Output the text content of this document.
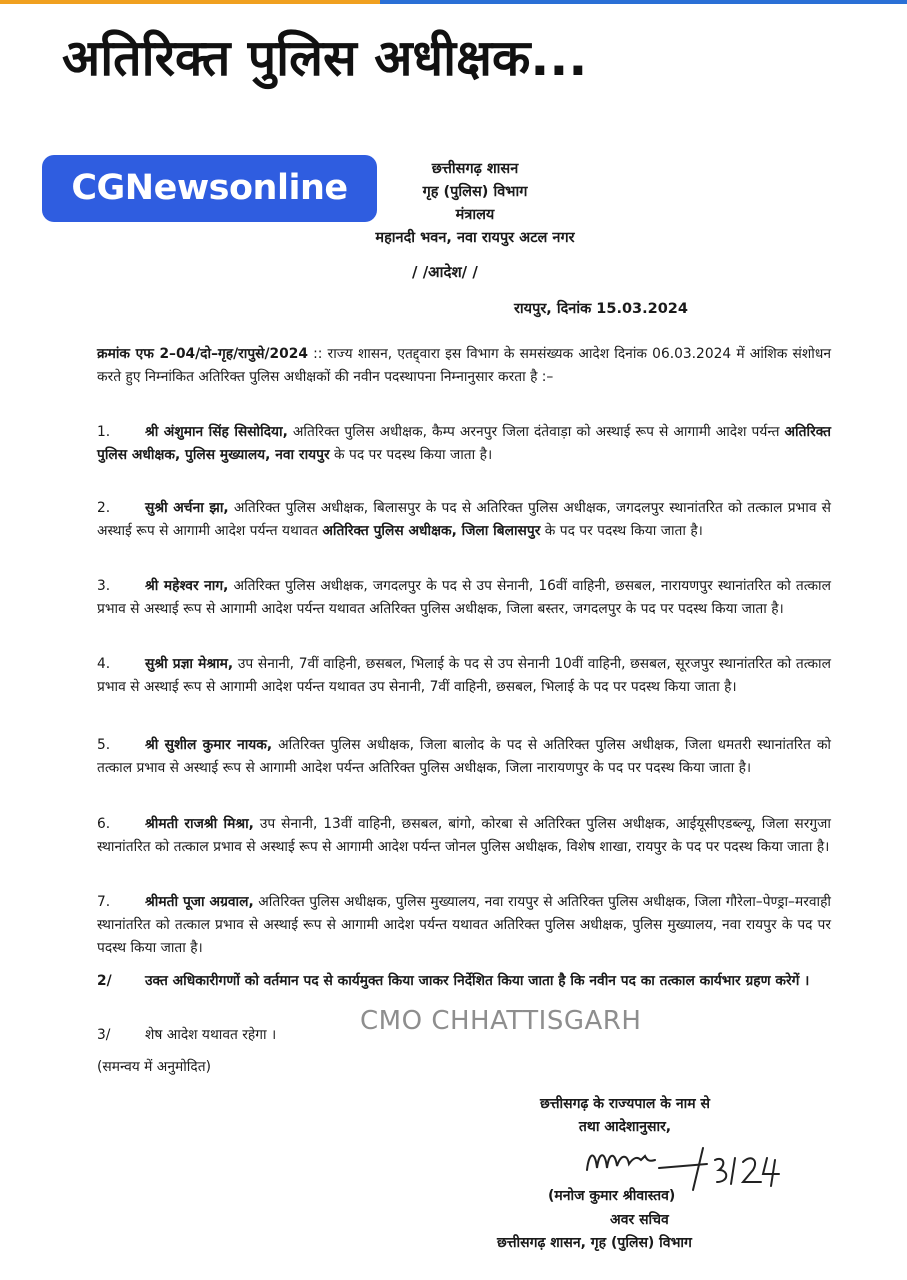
अतिरिक्त पुलिस अधीक्षक...
CGNewsonline	छत्तीसगढ़ शासन
गृह (पुलिस) विभाग
मंत्रालय
महानदी भवन, नवा रायपुर अटल नगर
/ /आदेश/ /
रायपुर, दिनांक 15.03.2024
क्रमांक एफ 2–04/दो–गृह/रापुसे/2024 :: राज्य शासन, एतद्द्वारा इस विभाग के समसंख्यक आदेश दिनांक 06.03.2024 में आंशिक संशोधन करते हुए निम्नांकित अतिरिक्त पुलिस अधीक्षकों की नवीन पदस्थापना निम्नानुसार करता है :–
1.	श्री अंशुमान सिंह सिसोदिया, अतिरिक्त पुलिस अधीक्षक, कैम्प अरनपुर जिला दंतेवाड़ा को अस्थाई रूप से आगामी आदेश पर्यन्त अतिरिक्त पुलिस अधीक्षक, पुलिस मुख्यालय, नवा रायपुर के पद पर पदस्थ किया जाता है।
2.	सुश्री अर्चना झा, अतिरिक्त पुलिस अधीक्षक, बिलासपुर के पद से अतिरिक्त पुलिस अधीक्षक, जगदलपुर स्थानांतरित को तत्काल प्रभाव से अस्थाई रूप से आगामी आदेश पर्यन्त यथावत अतिरिक्त पुलिस अधीक्षक, जिला बिलासपुर के पद पर पदस्थ किया जाता है।
3.	श्री महेश्वर नाग, अतिरिक्त पुलिस अधीक्षक, जगदलपुर के पद से उप सेनानी, 16वीं वाहिनी, छसबल, नारायणपुर स्थानांतरित को तत्काल प्रभाव से अस्थाई रूप से आगामी आदेश पर्यन्त यथावत अतिरिक्त पुलिस अधीक्षक, जिला बस्तर, जगदलपुर के पद पर पदस्थ किया जाता है।
4.	सुश्री प्रज्ञा मेश्राम, उप सेनानी, 7वीं वाहिनी, छसबल, भिलाई के पद से उप सेनानी 10वीं वाहिनी, छसबल, सूरजपुर स्थानांतरित को तत्काल प्रभाव से अस्थाई रूप से आगामी आदेश पर्यन्त यथावत उप सेनानी, 7वीं वाहिनी, छसबल, भिलाई के पद पर पदस्थ किया जाता है।
5.	श्री सुशील कुमार नायक, अतिरिक्त पुलिस अधीक्षक, जिला बालोद के पद से अतिरिक्त पुलिस अधीक्षक, जिला धमतरी स्थानांतरित को तत्काल प्रभाव से अस्थाई रूप से आगामी आदेश पर्यन्त अतिरिक्त पुलिस अधीक्षक, जिला नारायणपुर के पद पर पदस्थ किया जाता है।
6.	श्रीमती राजश्री मिश्रा, उप सेनानी, 13वीं वाहिनी, छसबल, बांगो, कोरबा से अतिरिक्त पुलिस अधीक्षक, आईयूसीएडब्ल्यू, जिला सरगुजा स्थानांतरित को तत्काल प्रभाव से अस्थाई रूप से आगामी आदेश पर्यन्त जोनल पुलिस अधीक्षक, विशेष शाखा, रायपुर के पद पर पदस्थ किया जाता है।
7.	श्रीमती पूजा अग्रवाल, अतिरिक्त पुलिस अधीक्षक, पुलिस मुख्यालय, नवा रायपुर से अतिरिक्त पुलिस अधीक्षक, जिला गौरेला–पेण्ड्रा–मरवाही स्थानांतरित को तत्काल प्रभाव से अस्थाई रूप से आगामी आदेश पर्यन्त यथावत अतिरिक्त पुलिस अधीक्षक, पुलिस मुख्यालय, नवा रायपुर के पद पर पदस्थ किया जाता है।
2/ उक्त अधिकारीगणों को वर्तमान पद से कार्यमुक्त किया जाकर निर्देशित किया जाता है कि नवीन पद का तत्काल कार्यभार ग्रहण करेगें ।
CMO CHHATTISGARH
3/	शेष आदेश यथावत रहेगा ।
(समन्वय में अनुमोदित)
छत्तीसगढ़ के राज्यपाल के नाम से
तथा आदेशानुसार,
(मनोज कुमार श्रीवास्तव)
अवर सचिव
छत्तीसगढ़ शासन, गृह (पुलिस) विभाग
